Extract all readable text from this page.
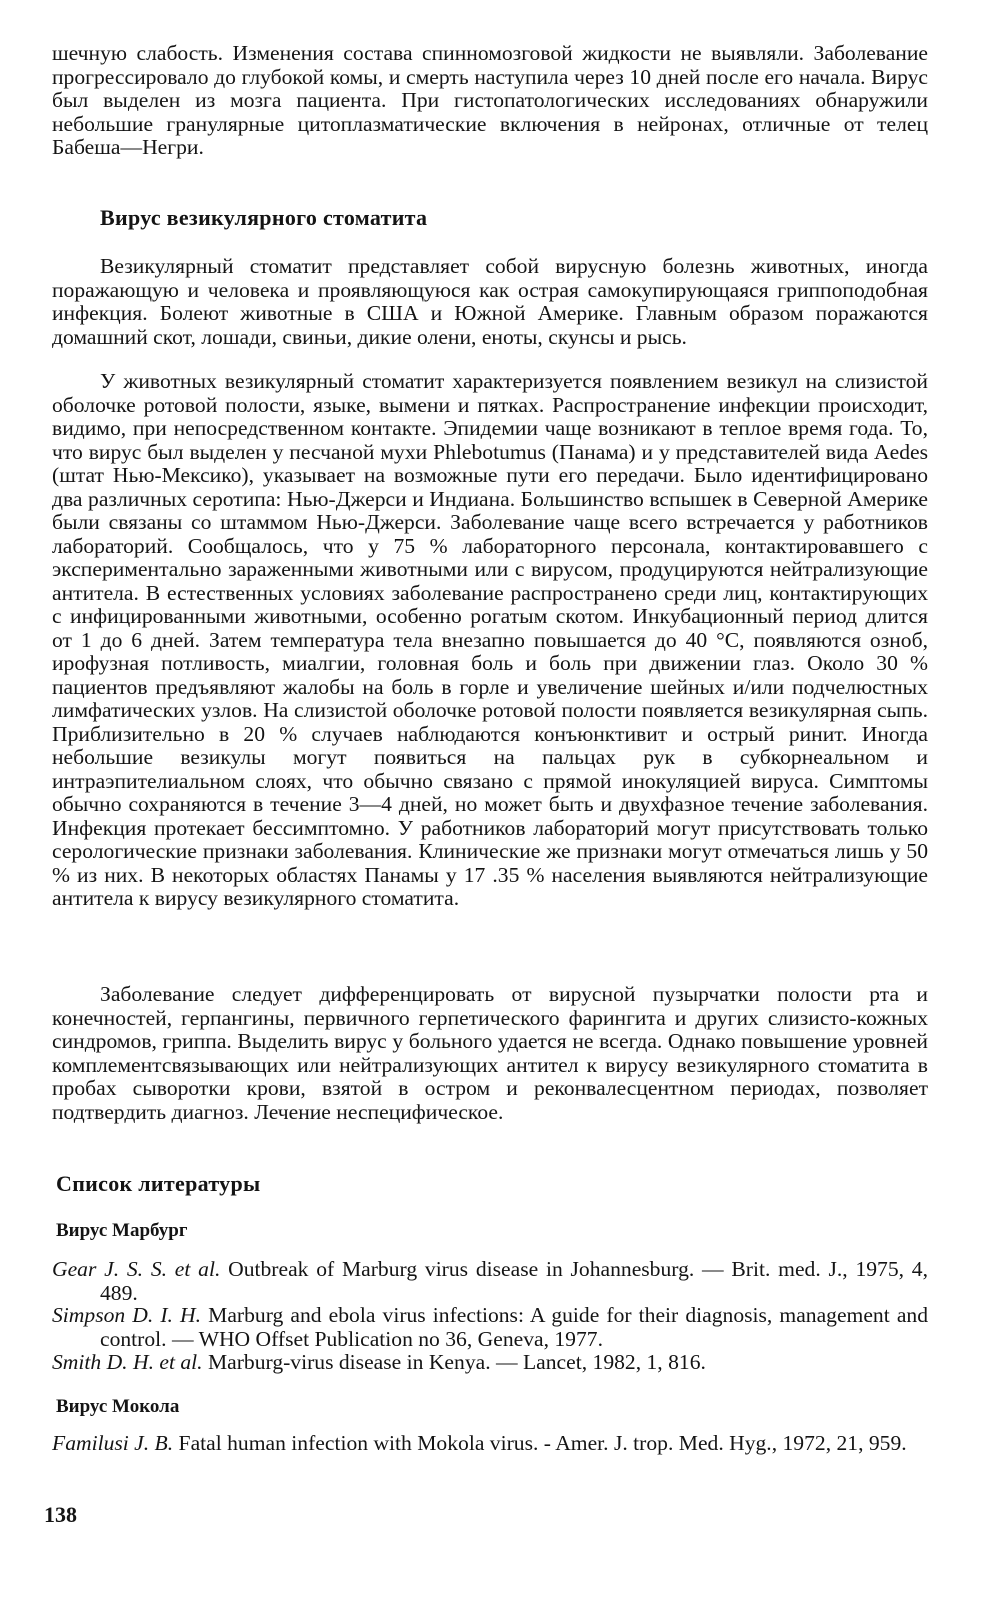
шечную слабость. Изменения состава спинномозговой жидкости не выявляли. Заболевание прогрессировало до глубокой комы, и смерть наступила через 10 дней после его начала. Вирус был выделен из мозга пациента. При гистопатологических исследованиях обнаружили небольшие гранулярные цитоплазматические включения в нейронах, отличные от телец Бабеша—Негри.

Вирус везикулярного стоматита

Везикулярный стоматит представляет собой вирусную болезнь животных, иногда поражающую и человека и проявляющуюся как острая самокупирующаяся гриппоподобная инфекция. Болеют животные в США и Южной Америке. Главным образом поражаются домашний скот, лошади, свиньи, дикие олени, еноты, скунсы и рысь.

У животных везикулярный стоматит характеризуется появлением везикул на слизистой оболочке ротовой полости, языке, вымени и пятках. Распространение инфекции происходит, видимо, при непосредственном контакте. Эпидемии чаще возникают в теплое время года. То, что вирус был выделен у песчаной мухи Phlebotumus (Панама) и у представителей вида Aedes (штат Нью-Мексико), указывает на возможные пути его передачи. Было идентифицировано два различных серотипа: Нью-Джерси и Индиана. Большинство вспышек в Северной Америке были связаны со штаммом Нью-Джерси. Заболевание чаще всего встречается у работников лабораторий. Сообщалось, что у 75 % лабораторного персонала, контактировавшего с экспериментально зараженными животными или с вирусом, продуцируются нейтрализующие антитела. В естественных условиях заболевание распространено среди лиц, контактирующих с инфицированными животными, особенно рогатым скотом. Инкубационный период длится от 1 до 6 дней. Затем температура тела внезапно повышается до 40 °С, появляются озноб, ирофузная потливость, миалгии, головная боль и боль при движении глаз. Около 30 % пациентов предъявляют жалобы на боль в горле и увеличение шейных и/или подчелюстных лимфатических узлов. На слизистой оболочке ротовой полости появляется везикулярная сыпь. Приблизительно в 20 % случаев наблюдаются конъюнктивит и острый ринит. Иногда небольшие везикулы могут появиться на пальцах рук в субкорнеальном и интраэпителиальном слоях, что обычно связано с прямой инокуляцией вируса. Симптомы обычно сохраняются в течение 3—4 дней, но может быть и двухфазное течение заболевания. Инфекция протекает бессимптомно. У работников лабораторий могут присутствовать только серологические признаки заболевания. Клинические же признаки могут отмечаться лишь у 50 % из них. В некоторых областях Панамы у 17 .35 % населения выявляются нейтрализующие антитела к вирусу везикулярного стоматита.

Заболевание следует дифференцировать от вирусной пузырчатки полости рта и конечностей, герпангины, первичного герпетического фарингита и других слизисто-кожных синдромов, гриппа. Выделить вирус у больного удается не всегда. Однако повышение уровней комплементсвязывающих или нейтрализующих антител к вирусу везикулярного стоматита в пробах сыворотки крови, взятой в остром и реконвалесцентном периодах, позволяет подтвердить диагноз. Лечение неспецифическое.

Список литературы
Вирус Марбург

Gear J. S. S. et al. Outbreak of Marburg virus disease in Johannesburg. — Brit. med. J., 1975, 4, 489.

Simpson D. I. H. Marburg and ebola virus infections: A guide for their diagnosis, management and control. — WHO Offset Publication no 36, Geneva, 1977.

Smith D. H. et al. Marburg-virus disease in Kenya. — Lancet, 1982, 1, 816.

Вирус Мокола

Familusi J. B. Fatal human infection with Mokola virus. - Amer. J. trop. Med. Hyg., 1972, 21, 959.

138
